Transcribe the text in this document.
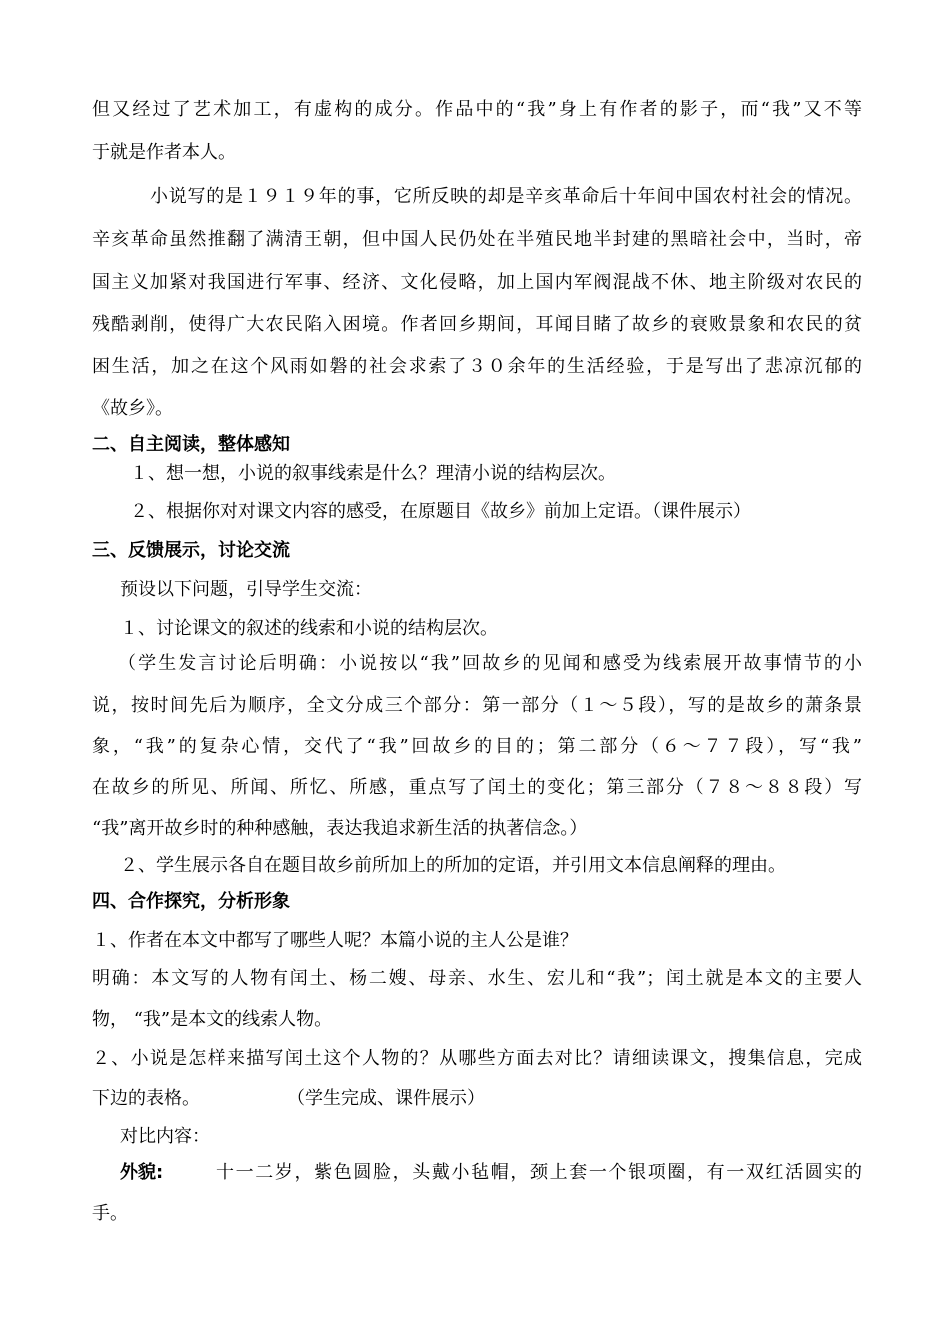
但又经过了艺术加工，有虚构的成分。作品中的“我”身上有作者的影子，而“我”又不等
于就是作者本人。
小说写的是１９１９年的事，它所反映的却是辛亥革命后十年间中国农村社会的情况。
辛亥革命虽然推翻了满清王朝，但中国人民仍处在半殖民地半封建的黑暗社会中，当时，帝
国主义加紧对我国进行军事、经济、文化侵略，加上国内军阀混战不休、地主阶级对农民的
残酷剥削，使得广大农民陷入困境。作者回乡期间，耳闻目睹了故乡的衰败景象和农民的贫
困生活，加之在这个风雨如磐的社会求索了３０余年的生活经验，于是写出了悲凉沉郁的
《故乡》。
二、自主阅读，整体感知
１、想一想，小说的叙事线索是什么？理清小说的结构层次。
２、根据你对对课文内容的感受，在原题目《故乡》前加上定语。（课件展示）
三、反馈展示，讨论交流
预设以下问题，引导学生交流：
１、讨论课文的叙述的线索和小说的结构层次。
（学生发言讨论后明确：小说按以“我”回故乡的见闻和感受为线索展开故事情节的小
说，按时间先后为顺序，全文分成三个部分：第一部分（１～５段），写的是故乡的萧条景
象，“我”的复杂心情，交代了“我”回故乡的目的；第二部分（６～７７段），写“我”
在故乡的所见、所闻、所忆、所感，重点写了闰土的变化；第三部分（７８～８８段）写
“我”离开故乡时的种种感触，表达我追求新生活的执著信念。）
２、学生展示各自在题目故乡前所加上的所加的定语，并引用文本信息阐释的理由。
四、合作探究，分析形象
１、作者在本文中都写了哪些人呢？本篇小说的主人公是谁？
明确：本文写的人物有闰土、杨二嫂、母亲、水生、宏儿和“我”；闰土就是本文的主要人
物， “我”是本文的线索人物。
２、小说是怎样来描写闰土这个人物的？从哪些方面去对比？请细读课文，搜集信息，完成
下边的表格。	（学生完成、课件展示）
对比内容：
外貌:	十一二岁，紫色圆脸，头戴小毡帽，颈上套一个银项圈，有一双红活圆实的
手。
